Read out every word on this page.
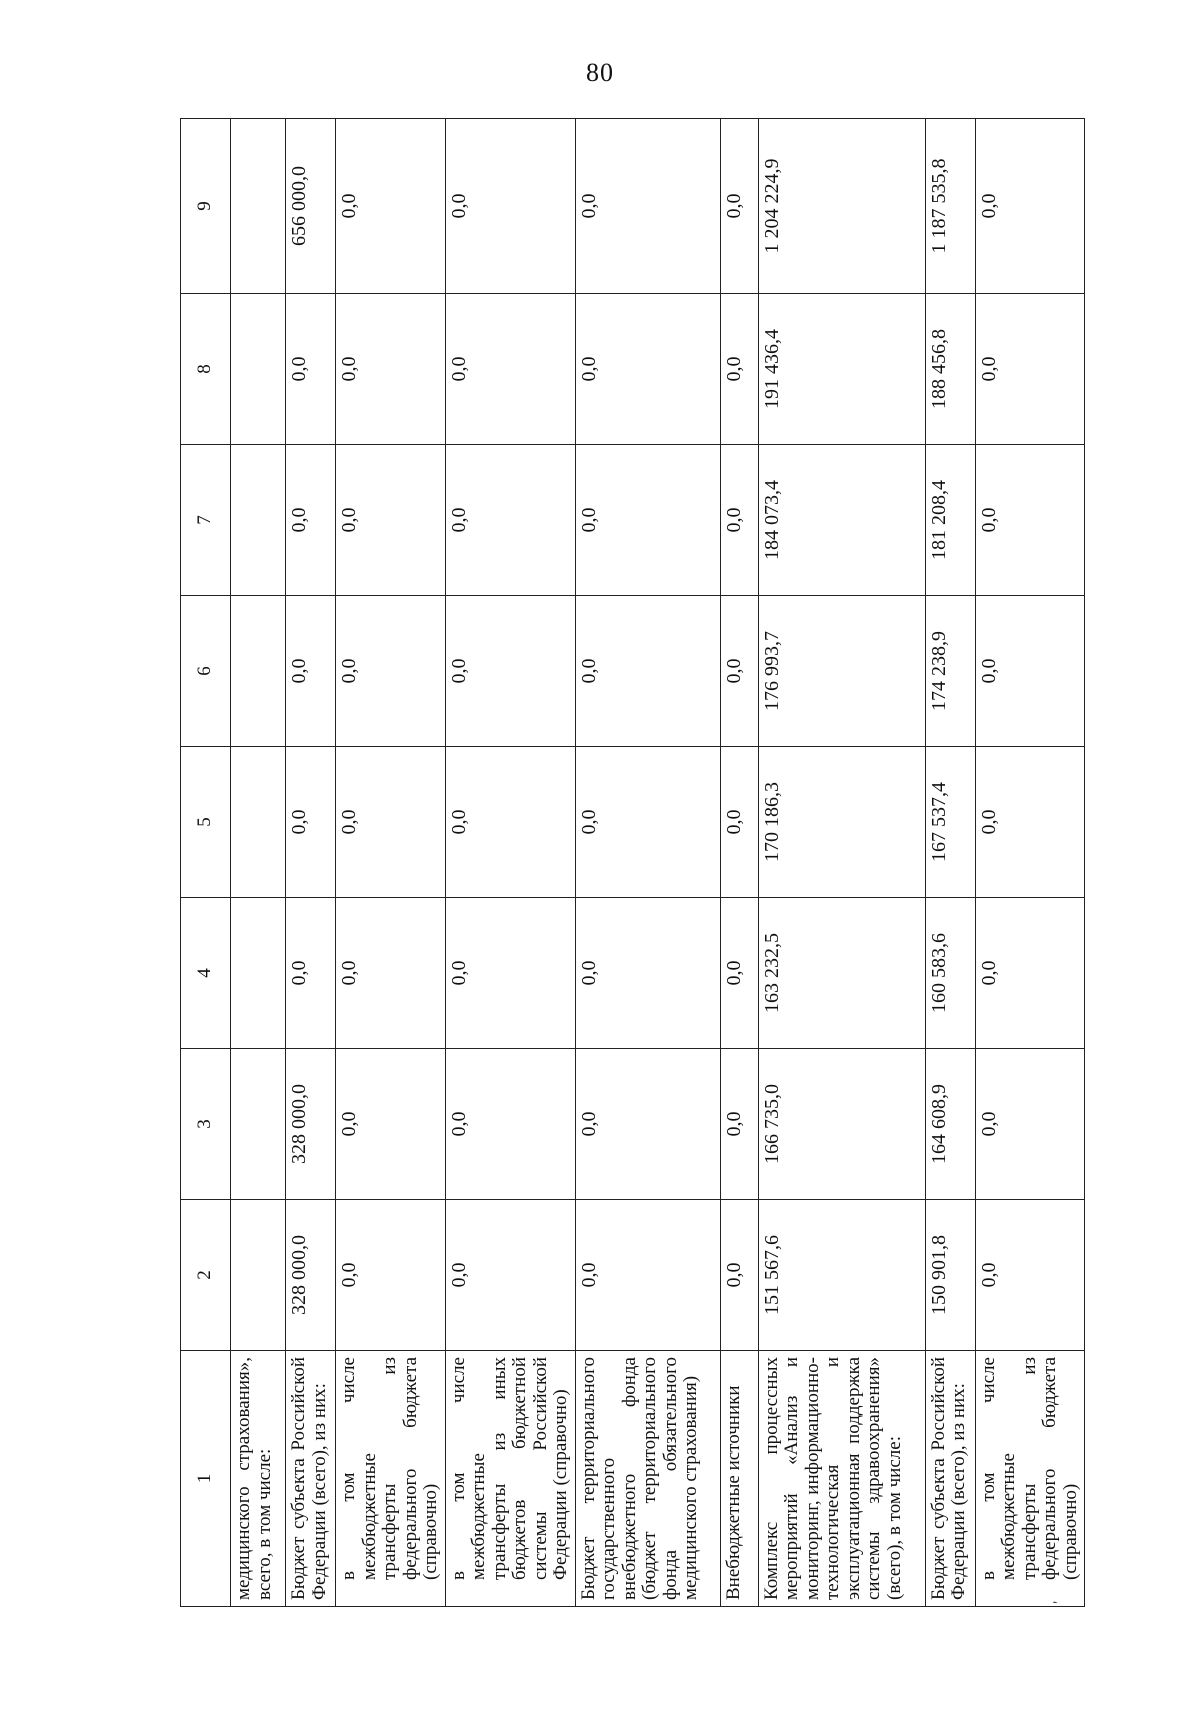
80
1	2	3	4	5	6	7	8	9
медицинского страхования», всего, в том числе:								
Бюджет субъекта Российской Федерации (всего), из них:	328 000,0	328 000,0	0,0	0,0	0,0	0,0	0,0	656 000,0
в том числе межбюджетные трансферты из федерального бюджета (справочно)	0,0	0,0	0,0	0,0	0,0	0,0	0,0	0,0
в том числе межбюджетные трансферты из иных бюджетов бюджетной системы Российской Федерации (справочно)	0,0	0,0	0,0	0,0	0,0	0,0	0,0	0,0
Бюджет территориального государственного внебюджетного фонда (бюджет территориального фонда обязательного медицинского страхования)	0,0	0,0	0,0	0,0	0,0	0,0	0,0	0,0
Внебюджетные источники	0,0	0,0	0,0	0,0	0,0	0,0	0,0	0,0
Комплекс процессных мероприятий «Анализ и мониторинг, информационно-технологическая и эксплуатационная поддержка системы здравоохранения» (всего), в том числе:	151 567,6	166 735,0	163 232,5	170 186,3	176 993,7	184 073,4	191 436,4	1 204 224,9
Бюджет субъекта Российской Федерации (всего), из них:	150 901,8	164 608,9	160 583,6	167 537,4	174 238,9	181 208,4	188 456,8	1 187 535,8
в том числе межбюджетные трансферты из федерального бюджета (справочно)	0,0	0,0	0,0	0,0	0,0	0,0	0,0	0,0
`
